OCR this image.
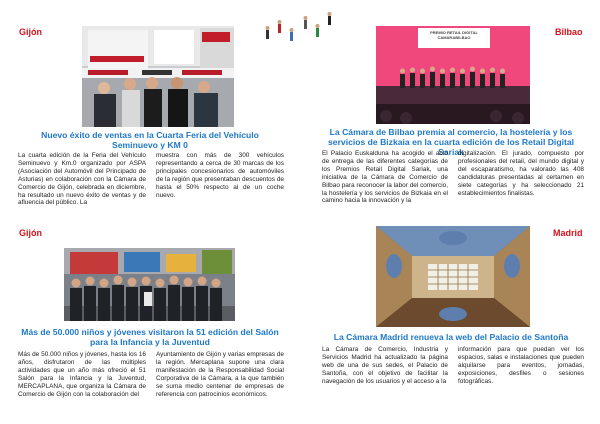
Gijón
Nuevo éxito de ventas en la Cuarta Feria del Vehículo Seminuevo y KM 0
La cuarta edición de la Feria del Vehículo Seminuevo y Km.0 organizado por ASPA (Asociación del Automóvil del Principado de Asturias) en colaboración con la Cámara de Comercio de Gijón, celebrada en diciembre, ha resultado un nuevo éxito de ventas y de afluencia del público. La
muestra con más de 300 vehículos representando a cerca de 30 marcas de los principales concesionarios de automóviles de la región que presentaban descuentos de hasta el 50% respecto al de un coche nuevo.
Gijón
Más de 50.000 niños y jóvenes visitaron la 51 edición del Salón para la Infancia y la Juventud
Más de 50.000 niños y jóvenes, hasta los 16 años, disfrutaron de las múltiples actividades que un año más ofreció el 51 Salón para la Infancia y la Juventud, MERCAPLANA, que organiza la Cámara de Comercio de Gijón con la colaboración del
Ayuntamiento de Gijón y varias empresas de la región. Mercaplana supone una clara manifestación de la Responsabilidad Social Corporativa de la Cámara, a la que también se suma medio centenar de empresas de referencia con patrocinios económicos.
Bilbao
PREMIO RETAIL DIGITAL CAMARABILBAO
La Cámara de Bilbao premia al comercio, la hostelería y los servicios de Bizkaia en la cuarta edición de los Retail Digital Sariak
El Palacio Euskalduna ha acogido el acto de entrega de las diferentes categorías de los Premios Retail Digital Sariak, una iniciativa de la Cámara de Comercio de Bilbao para reconocer la labor del comercio, la hostelería y los servicios de Bizkaia en el camino hacia la innovación y la
digitalización. El jurado, compuesto por profesionales del retail, del mundo digital y del escaparatismo, ha valorado las 408 candidaturas presentadas al certamen en siete categorías y ha seleccionado 21 establecimientos finalistas.
Madrid
La Cámara Madrid renueva la web del Palacio de Santoña
La Cámara de Comercio, Industria y Servicios Madrid ha actualizado la página web de una de sus sedes, el Palacio de Santoña, con el objetivo de facilitar la navegación de los usuarios y el acceso a la
información para que puedan ver los espacios, salas e instalaciones que pueden alquilarse para eventos, jornadas, exposiciones, desfiles o sesiones fotográficas.
